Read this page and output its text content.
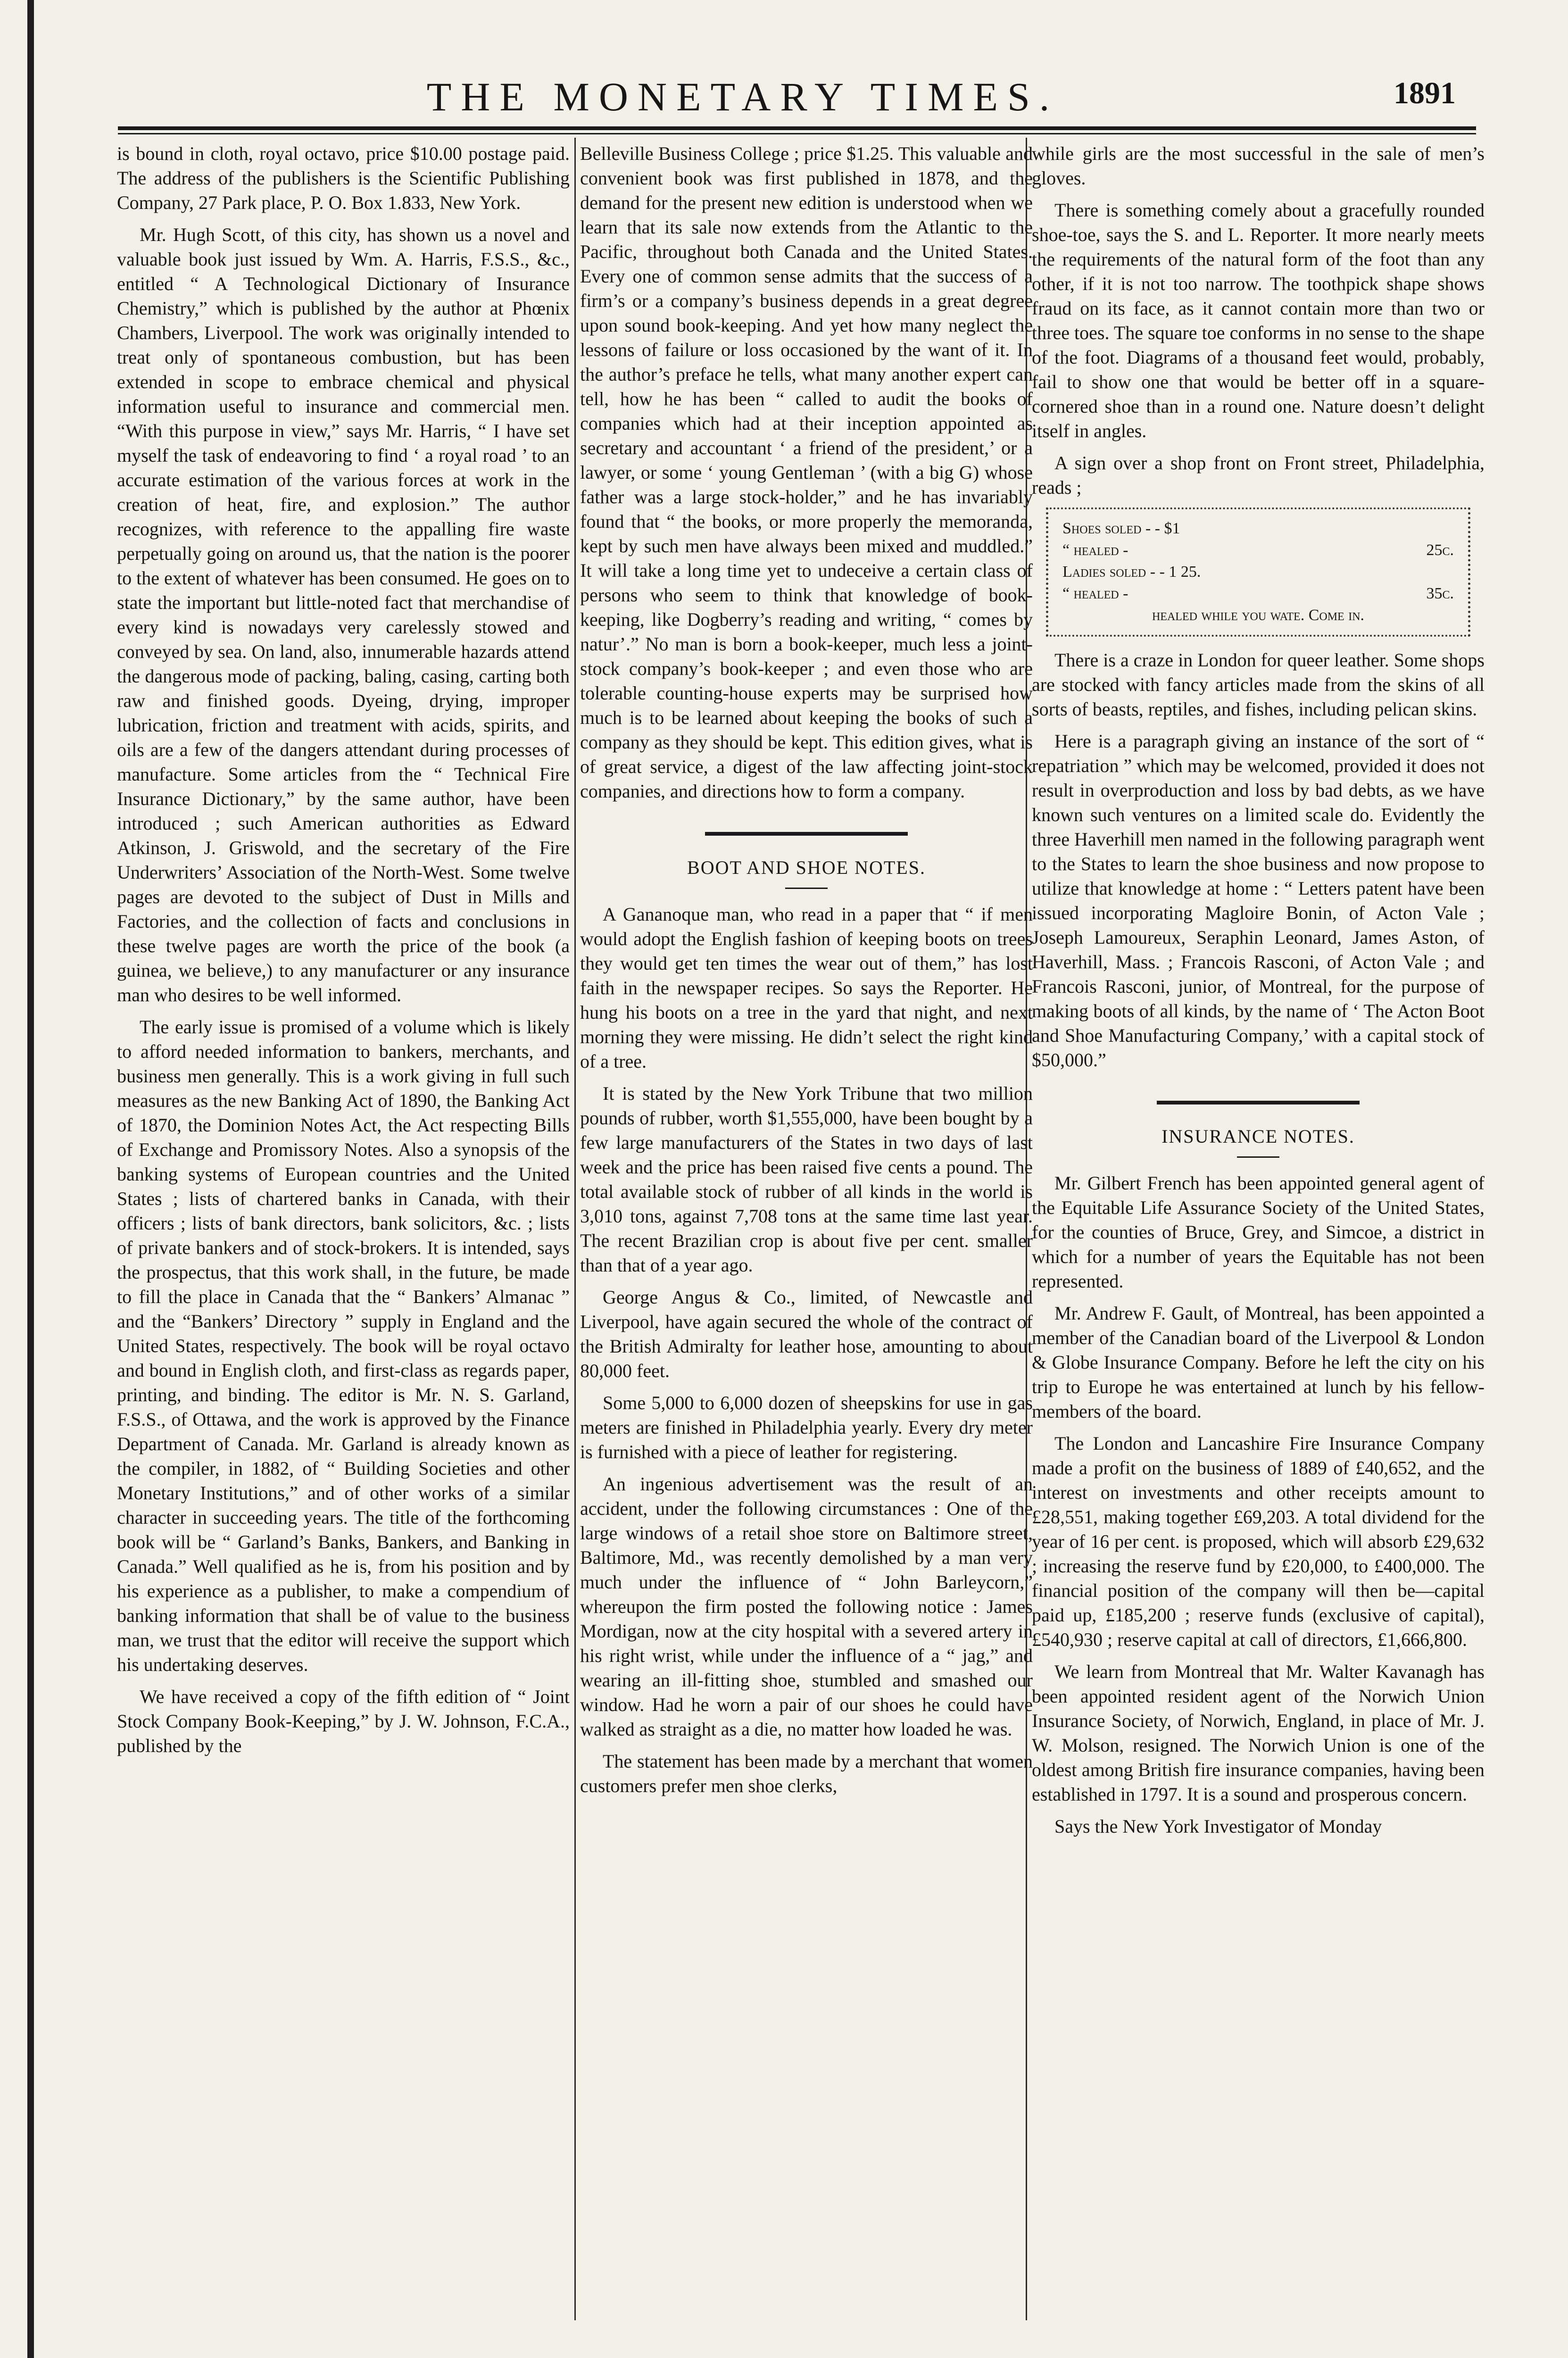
THE MONETARY TIMES.	1891

is bound in cloth, royal octavo, price $10.00 postage paid. The address of the publishers is the Scientific Publishing Company, 27 Park place, P. O. Box 1.833, New York.

Mr. Hugh Scott, of this city, has shown us a novel and valuable book just issued by Wm. A. Harris, F.S.S., &c., entitled “ A Technological Dictionary of Insurance Chemistry,” which is published by the author at Phœnix Chambers, Liverpool. The work was originally intended to treat only of spontaneous combustion, but has been extended in scope to embrace chemical and physical information useful to insurance and commercial men. “With this purpose in view,” says Mr. Harris, “ I have set myself the task of endeavoring to find ‘ a royal road ’ to an accurate estimation of the various forces at work in the creation of heat, fire, and explosion.” The author recognizes, with reference to the appalling fire waste perpetually going on around us, that the nation is the poorer to the extent of whatever has been consumed. He goes on to state the important but little-noted fact that merchandise of every kind is nowadays very carelessly stowed and conveyed by sea. On land, also, innumerable hazards attend the dangerous mode of packing, baling, casing, carting both raw and finished goods. Dyeing, drying, improper lubrication, friction and treatment with acids, spirits, and oils are a few of the dangers attendant during processes of manufacture. Some articles from the “ Technical Fire Insurance Dictionary,” by the same author, have been introduced ; such American authorities as Edward Atkinson, J. Griswold, and the secretary of the Fire Underwriters’ Association of the North-West. Some twelve pages are devoted to the subject of Dust in Mills and Factories, and the collection of facts and conclusions in these twelve pages are worth the price of the book (a guinea, we believe,) to any manufacturer or any insurance man who desires to be well informed.

The early issue is promised of a volume which is likely to afford needed information to bankers, merchants, and business men generally. This is a work giving in full such measures as the new Banking Act of 1890, the Banking Act of 1870, the Dominion Notes Act, the Act respecting Bills of Exchange and Promissory Notes. Also a synopsis of the banking systems of European countries and the United States ; lists of chartered banks in Canada, with their officers ; lists of bank directors, bank solicitors, &c. ; lists of private bankers and of stock-brokers. It is intended, says the prospectus, that this work shall, in the future, be made to fill the place in Canada that the “ Bankers’ Almanac ” and the “Bankers’ Directory ” supply in England and the United States, respectively. The book will be royal octavo and bound in English cloth, and first-class as regards paper, printing, and binding. The editor is Mr. N. S. Garland, F.S.S., of Ottawa, and the work is approved by the Finance Department of Canada. Mr. Garland is already known as the compiler, in 1882, of “ Building Societies and other Monetary Institutions,” and of other works of a similar character in succeeding years. The title of the forthcoming book will be “ Garland’s Banks, Bankers, and Banking in Canada.” Well qualified as he is, from his position and by his experience as a publisher, to make a compendium of banking information that shall be of value to the business man, we trust that the editor will receive the support which his undertaking deserves.

We have received a copy of the fifth edition of “ Joint Stock Company Book-Keeping,” by J. W. Johnson, F.C.A., published by the

Belleville Business College ; price $1.25. This valuable and convenient book was first published in 1878, and the demand for the present new edition is understood when we learn that its sale now extends from the Atlantic to the Pacific, throughout both Canada and the United States. Every one of common sense admits that the success of a firm’s or a company’s business depends in a great degree upon sound book-keeping. And yet how many neglect the lessons of failure or loss occasioned by the want of it. In the author’s preface he tells, what many another expert can tell, how he has been “ called to audit the books of companies which had at their inception appointed as secretary and accountant ‘ a friend of the president,’ or a lawyer, or some ‘ young Gentleman ’ (with a big G) whose father was a large stock-holder,” and he has invariably found that “ the books, or more properly the memoranda, kept by such men have always been mixed and muddled.” It will take a long time yet to undeceive a certain class of persons who seem to think that knowledge of book-keeping, like Dogberry’s reading and writing, “ comes by natur’.” No man is born a book-keeper, much less a joint-stock company’s book-keeper ; and even those who are tolerable counting-house experts may be surprised how much is to be learned about keeping the books of such a company as they should be kept. This edition gives, what is of great service, a digest of the law affecting joint-stock companies, and directions how to form a company.

BOOT AND SHOE NOTES.

A Gananoque man, who read in a paper that “ if men would adopt the English fashion of keeping boots on trees they would get ten times the wear out of them,” has lost faith in the newspaper recipes. So says the Reporter. He hung his boots on a tree in the yard that night, and next morning they were missing. He didn’t select the right kind of a tree.

It is stated by the New York Tribune that two million pounds of rubber, worth $1,555,000, have been bought by a few large manufacturers of the States in two days of last week and the price has been raised five cents a pound. The total available stock of rubber of all kinds in the world is 3,010 tons, against 7,708 tons at the same time last year. The recent Brazilian crop is about five per cent. smaller than that of a year ago.

George Angus & Co., limited, of Newcastle and Liverpool, have again secured the whole of the contract of the British Admiralty for leather hose, amounting to about 80,000 feet.

Some 5,000 to 6,000 dozen of sheepskins for use in gas meters are finished in Philadelphia yearly. Every dry meter is furnished with a piece of leather for registering.

An ingenious advertisement was the result of an accident, under the following circumstances : One of the large windows of a retail shoe store on Baltimore street, Baltimore, Md., was recently demolished by a man very much under the influence of “ John Barleycorn,” whereupon the firm posted the following notice : James Mordigan, now at the city hospital with a severed artery in his right wrist, while under the influence of a “ jag,” and wearing an ill-fitting shoe, stumbled and smashed our window. Had he worn a pair of our shoes he could have walked as straight as a die, no matter how loaded he was.

The statement has been made by a merchant that women customers prefer men shoe clerks,

while girls are the most successful in the sale of men’s gloves.

There is something comely about a gracefully rounded shoe-toe, says the S. and L. Reporter. It more nearly meets the requirements of the natural form of the foot than any other, if it is not too narrow. The toothpick shape shows fraud on its face, as it cannot contain more than two or three toes. The square toe conforms in no sense to the shape of the foot. Diagrams of a thousand feet would, probably, fail to show one that would be better off in a square-cornered shoe than in a round one. Nature doesn’t delight itself in angles.

A sign over a shop front on Front street, Philadelphia, reads ;

Shoes soled - - $1
“ healed -	25c.
Ladies soled - - 1 25.
“ healed -	35c.
healed while you wate. Come in.

There is a craze in London for queer leather. Some shops are stocked with fancy articles made from the skins of all sorts of beasts, reptiles, and fishes, including pelican skins.

Here is a paragraph giving an instance of the sort of “ repatriation ” which may be welcomed, provided it does not result in overproduction and loss by bad debts, as we have known such ventures on a limited scale do. Evidently the three Haverhill men named in the following paragraph went to the States to learn the shoe business and now propose to utilize that knowledge at home : “ Letters patent have been issued incorporating Magloire Bonin, of Acton Vale ; Joseph Lamoureux, Seraphin Leonard, James Aston, of Haverhill, Mass. ; Francois Rasconi, of Acton Vale ; and Francois Rasconi, junior, of Montreal, for the purpose of making boots of all kinds, by the name of ‘ The Acton Boot and Shoe Manufacturing Company,’ with a capital stock of $50,000.”

INSURANCE NOTES.

Mr. Gilbert French has been appointed general agent of the Equitable Life Assurance Society of the United States, for the counties of Bruce, Grey, and Simcoe, a district in which for a number of years the Equitable has not been represented.

Mr. Andrew F. Gault, of Montreal, has been appointed a member of the Canadian board of the Liverpool & London & Globe Insurance Company. Before he left the city on his trip to Europe he was entertained at lunch by his fellow-members of the board.

The London and Lancashire Fire Insurance Company made a profit on the business of 1889 of £40,652, and the interest on investments and other receipts amount to £28,551, making together £69,203. A total dividend for the year of 16 per cent. is proposed, which will absorb £29,632 ; increasing the reserve fund by £20,000, to £400,000. The financial position of the company will then be—capital paid up, £185,200 ; reserve funds (exclusive of capital), £540,930 ; reserve capital at call of directors, £1,666,800.

We learn from Montreal that Mr. Walter Kavanagh has been appointed resident agent of the Norwich Union Insurance Society, of Norwich, England, in place of Mr. J. W. Molson, resigned. The Norwich Union is one of the oldest among British fire insurance companies, having been established in 1797. It is a sound and prosperous concern.

Says the New York Investigator of Monday
